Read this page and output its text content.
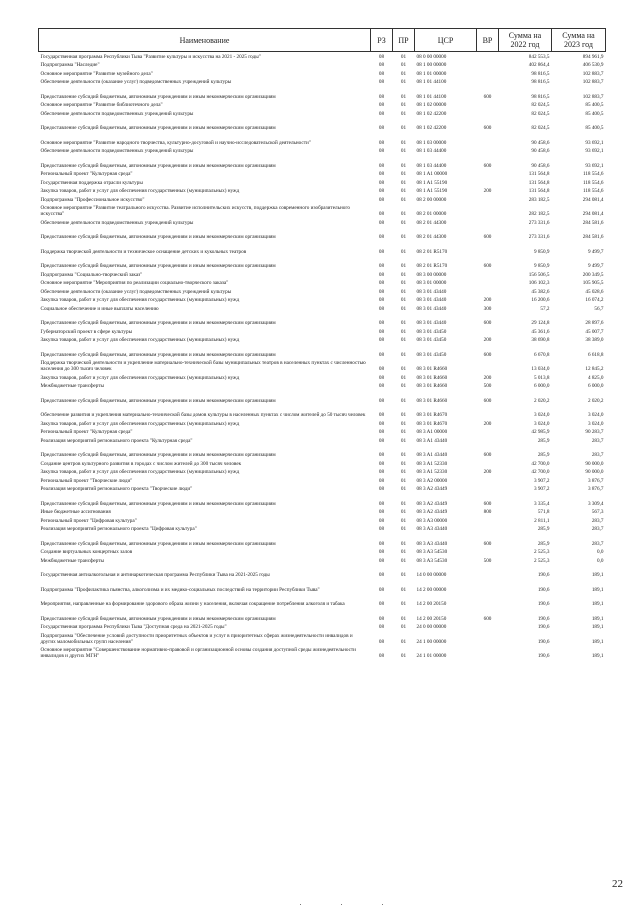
Наименование	РЗ	ПР	ЦСР	ВР	Сумма на 2022 год	Сумма на 2023 год
Государственная программа Республики Тыва "Развитие культуры и искусства на 2021 - 2025 годы"	08	01	08 0 00 00000		842 553,5	894 961,9
Подпрограмма "Наследие"	08	01	08 1 00 00000		402 864,4	406 530,9
Основное мероприятие "Развитие музейного дела"	08	01	08 1 01 00000		98 816,5	102 883,7
Обеспечение деятельности (оказание услуг) подведомственных учреждений культуры	08	01	08 1 01 44100		98 816,5	102 883,7
Предоставление субсидий бюджетным, автономным учреждениям и иным некоммерческим организациям	08	01	08 1 01 44100	600	98 816,5	102 883,7
Основное мероприятие "Развитие библиотечного дела"	08	01	08 1 02 00000		82 024,5	85 400,5
Обеспечение деятельности подведомственных учреждений культуры	08	01	08 1 02 42200		82 024,5	85 400,5
Предоставление субсидий бюджетным, автономным учреждениям и иным некоммерческим организациям	08	01	08 1 02 42200	600	82 024,5	85 400,5
Основное мероприятие "Развитие народного творчества, культурно-досуговой и научно-исследовательской деятельности"	08	01	08 1 03 00000		90 458,6	93 692,1
Обеспечение деятельности подведомственных учреждений культуры	08	01	08 1 03 44400		90 458,6	93 692,1
Предоставление субсидий бюджетным, автономным учреждениям и иным некоммерческим организациям	08	01	08 1 03 44400	600	90 458,6	93 692,1
Региональный проект "Культурная среда"	08	01	08 1 A1 00000		131 564,8	118 554,6
Государственная поддержка отрасли культуры	08	01	08 1 A1 55190		131 564,8	118 554,6
Закупка товаров, работ и услуг для обеспечения государственных (муниципальных) нужд	08	01	08 1 A1 55190	200	131 564,8	118 554,6
Подпрограмма "Профессиональное искусство"	08	01	08 2 00 00000		283 182,5	294 081,4
Основное мероприятие "Развитие театрального искусства. Развитие исполнительских искусств, поддержка современного изобразительного искусства"	08	01	08 2 01 00000		282 182,5	294 081,4
Обеспечение деятельности подведомственных учреждений культуры	08	01	08 2 01 44300		273 331,6	284 581,6
Предоставление субсидий бюджетным, автономным учреждениям и иным некоммерческим организациям	08	01	08 2 01 44300	600	273 331,6	284 581,6
Поддержка творческой деятельности и техническое оснащение детских и кукольных театров	08	01	08 2 01 R5170		9 850,9	9 499,7
Предоставление субсидий бюджетным, автономным учреждениям и иным некоммерческим организациям	08	01	08 2 01 R5170	600	9 850,9	9 499,7
Подпрограмма "Социально-творческий заказ"	08	01	08 3 00 00000		156 506,5	200 349,5
Основное мероприятие "Мероприятия по реализации социально-творческого заказа"	08	01	08 3 01 00000		106 102,3	105 905,5
Обеспечение деятельности (оказание услуг) подведомственных учреждений культуры	08	01	08 3 01 43440		45 382,6	45 028,6
Закупка товаров, работ и услуг для обеспечения государственных (муниципальных) нужд	08	01	08 3 01 43440	200	16 200,6	16 074,2
Социальное обеспечение и иные выплаты населению	08	01	08 3 01 43440	300	57,2	56,7
Предоставление субсидий бюджетным, автономным учреждениям и иным некоммерческим организациям	08	01	08 3 01 43440	600	29 124,8	28 897,6
Губернаторский проект в сфере культуры	08	01	08 3 01 43450		45 361,6	45 007,7
Закупка товаров, работ и услуг для обеспечения государственных (муниципальных) нужд	08	01	08 3 01 43450	200	38 690,8	38 389,0
Предоставление субсидий бюджетным, автономным учреждениям и иным некоммерческим организациям	08	01	08 3 01 43450	600	6 670,8	6 618,8
Поддержка творческой деятельности и укрепление материально-технической базы муниципальных театров в населенных пунктах с численностью населения до 300 тысяч человек	08	01	08 3 01 R4660		13 034,0	12 845,2
Закупка товаров, работ и услуг для обеспечения государственных (муниципальных) нужд	08	01	08 3 01 R4660	200	5 013,8	4 825,0
Межбюджетные трансферты	08	01	08 3 01 R4660	500	6 000,0	6 000,0
Предоставление субсидий бюджетным, автономным учреждениям и иным некоммерческим организациям	08	01	08 3 01 R4660	600	2 020,2	2 020,2
Обеспечение развития и укрепления материально-технической базы домов культуры в населенных пунктах с числом жителей до 50 тысяч человек	08	01	08 3 01 R4670		3 024,0	3 024,0
Закупка товаров, работ и услуг для обеспечения государственных (муниципальных) нужд	08	01	08 3 01 R4670	200	3 024,0	3 024,0
Региональный проект "Культурная среда"	08	01	08 3 A1 00000		42 985,9	90 283,7
Реализация мероприятий регионального проекта "Культурная среда"	08	01	08 3 A1 43440		285,9	283,7
Предоставление субсидий бюджетным, автономным учреждениям и иным некоммерческим организациям	08	01	08 3 A1 43440	600	285,9	283,7
Создание центров культурного развития в городах с числом жителей до 300 тысяч человек	08	01	08 3 A1 52330		42 700,0	90 000,0
Закупка товаров, работ и услуг для обеспечения государственных (муниципальных) нужд	08	01	08 3 A1 52330	200	42 700,0	90 000,0
Региональный проект "Творческие люди"	08	01	08 3 A2 00000		3 907,2	3 876,7
Реализация мероприятий регионального проекта "Творческие люди"	08	01	08 3 A2 43449		3 907,2	3 876,7
Предоставление субсидий бюджетным, автономным учреждениям и иным некоммерческим организациям	08	01	08 3 A2 43449	600	3 335,4	3 309,4
Иные бюджетные ассигнования	08	01	08 3 A2 43449	800	571,8	567,3
Региональный проект "Цифровая культура"	08	01	08 3 A3 00000		2 811,1	283,7
Реализация мероприятий регионального проекта "Цифровая культура"	08	01	08 3 A3 43440		285,9	283,7
Предоставление субсидий бюджетным, автономным учреждениям и иным некоммерческим организациям	08	01	08 3 A3 43440	600	285,9	283,7
Создание виртуальных концертных залов	08	01	08 3 A3 54530		2 525,3	0,0
Межбюджетные трансферты	08	01	08 3 A3 54530	500	2 525,3	0,0
Государственная антиалкогольная и антинаркотическая программа Республики Тыва на 2021-2025 годы	08	01	14 0 00 00000		190,6	189,1
Подпрограмма "Профилактика пьянства, алкоголизма и их медико-социальных последствий на территории Республики Тыва"	08	01	14 2 00 00000		190,6	189,1
Мероприятия, направленные на формирование здорового образа жизни у населения, включая сокращение потребления алкоголя и табака	08	01	14 2 00 20150		190,6	189,1
Предоставление субсидий бюджетным, автономным учреждениям и иным некоммерческим организациям	08	01	14 2 00 20150	600	190,6	189,1
Государственная программа Республики Тыва "Доступная среда на 2021-2025 годы"	08	01	24 0 00 00000		190,6	189,1
Подпрограмма "Обеспечение условий доступности приоритетных объектов и услуг в приоритетных сферах жизнедеятельности инвалидов и других маломобильных групп населения"	08	01	24 1 00 00000		190,6	189,1
Основное мероприятие "Совершенствование нормативно-правовой и организационной основы создания доступной среды жизнедеятельности инвалидов и других МГН"	08	01	24 1 01 00000		190,6	189,1
22
